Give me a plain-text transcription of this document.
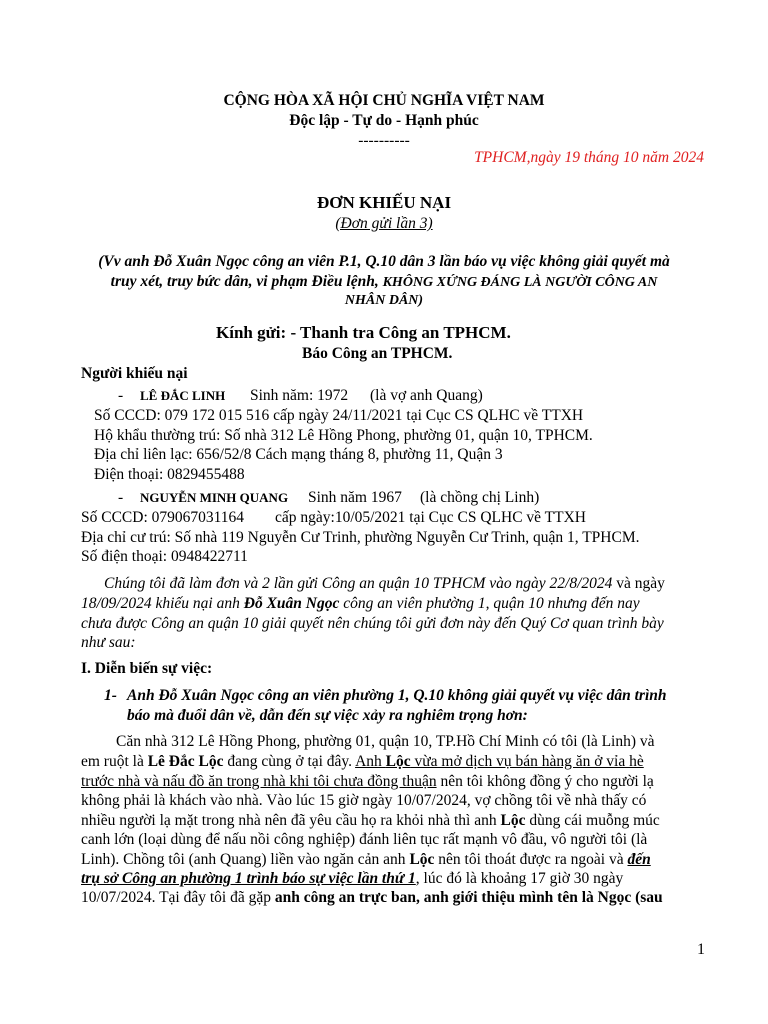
CỘNG HÒA XÃ HỘI CHỦ NGHĨA VIỆT NAM
Độc lập - Tự do - Hạnh phúc
----------
TPHCM,ngày 19 tháng 10 năm 2024
ĐƠN KHIẾU NẠI
(Đơn gửi lần 3)
(Vv anh Đỗ Xuân Ngọc công an viên P.1, Q.10 dân 3 lần báo vụ việc không giải quyết mà
truy xét, truy bức dân, vi phạm Điều lệnh, KHÔNG XỨNG ĐÁNG LÀ NGƯỜI CÔNG AN
NHÂN DÂN)
Kính gửi: - Thanh tra Công an TPHCM.
Báo Công an TPHCM.
Người khiếu nại
- LÊ ĐẮC LINH Sinh năm: 1972 (là vợ anh Quang)
Số CCCD: 079 172 015 516 cấp ngày 24/11/2021 tại Cục CS QLHC về TTXH
Hộ khẩu thường trú: Số nhà 312 Lê Hồng Phong, phường 01, quận 10, TPHCM.
Địa chỉ liên lạc: 656/52/8 Cách mạng tháng 8, phường 11, Quận 3
Điện thoại: 0829455488
- NGUYỄN MINH QUANG Sinh năm 1967 (là chồng chị Linh)
Số CCCD: 079067031164 cấp ngày:10/05/2021 tại Cục CS QLHC về TTXH
Địa chỉ cư trú: Số nhà 119 Nguyễn Cư Trinh, phường Nguyễn Cư Trinh, quận 1, TPHCM.
Số điện thoại: 0948422711
Chúng tôi đã làm đơn và 2 lần gửi Công an quận 10 TPHCM vào ngày 22/8/2024 và ngày
18/09/2024 khiếu nại anh Đỗ Xuân Ngọc công an viên phường 1, quận 10 nhưng đến nay
chưa được Công an quận 10 giải quyết nên chúng tôi gửi đơn này đến Quý Cơ quan trình bày
như sau:
I. Diễn biến sự việc:
1- Anh Đỗ Xuân Ngọc công an viên phường 1, Q.10 không giải quyết vụ việc dân trình
báo mà đuổi dân về, dẫn đến sự việc xảy ra nghiêm trọng hơn:
Căn nhà 312 Lê Hồng Phong, phường 01, quận 10, TP.Hồ Chí Minh có tôi (là Linh) và
em ruột là Lê Đắc Lộc đang cùng ở tại đây. Anh Lộc vừa mở dịch vụ bán hàng ăn ở vỉa hè
trước nhà và nấu đồ ăn trong nhà khi tôi chưa đồng thuận nên tôi không đồng ý cho người lạ
không phải là khách vào nhà. Vào lúc 15 giờ ngày 10/07/2024, vợ chồng tôi về nhà thấy có
nhiều người lạ mặt trong nhà nên đã yêu cầu họ ra khỏi nhà thì anh Lộc dùng cái muỗng múc
canh lớn (loại dùng để nấu nồi công nghiệp) đánh liên tục rất mạnh vô đầu, vô người tôi (là
Linh). Chồng tôi (anh Quang) liền vào ngăn cản anh Lộc nên tôi thoát được ra ngoài và đến
trụ sở Công an phường 1 trình báo sự việc lần thứ 1, lúc đó là khoảng 17 giờ 30 ngày
10/07/2024. Tại đây tôi đã gặp anh công an trực ban, anh giới thiệu mình tên là Ngọc (sau
1
